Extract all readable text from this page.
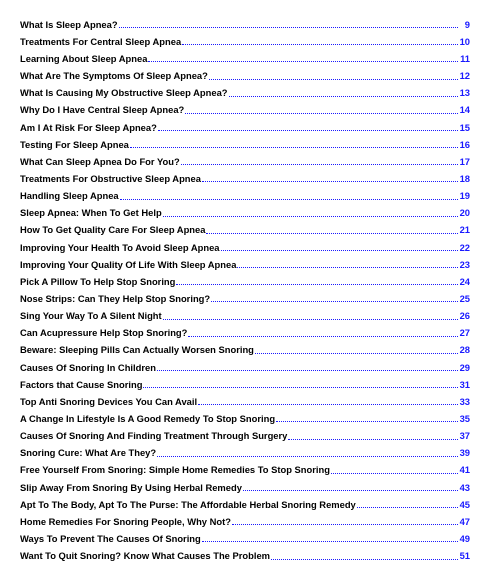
What Is Sleep Apnea?	9
Treatments For Central Sleep Apnea	10
Learning About Sleep Apnea	11
What Are The Symptoms Of Sleep Apnea?	12
What Is Causing My Obstructive Sleep Apnea?	13
Why Do I Have Central Sleep Apnea?	14
Am I At Risk For Sleep Apnea?	15
Testing For Sleep Apnea	16
What Can Sleep Apnea Do For You?	17
Treatments For Obstructive Sleep Apnea	18
Handling Sleep Apnea	19
Sleep Apnea: When To Get Help	20
How To Get Quality Care For Sleep Apnea	21
Improving Your Health To Avoid Sleep Apnea	22
Improving Your Quality Of Life With Sleep Apnea	23
Pick A Pillow To Help Stop Snoring	24
Nose Strips: Can They Help Stop Snoring?	25
Sing Your Way To A Silent Night	26
Can Acupressure Help Stop Snoring?	27
Beware: Sleeping Pills Can Actually Worsen Snoring	28
Causes Of Snoring In Children	29
Factors that Cause Snoring	31
Top Anti Snoring Devices You Can Avail	33
A Change In Lifestyle Is A Good Remedy To Stop Snoring	35
Causes Of Snoring And Finding Treatment Through Surgery	37
Snoring Cure: What Are They?	39
Free Yourself From Snoring: Simple Home Remedies To Stop Snoring	41
Slip Away From Snoring By Using Herbal Remedy	43
Apt To The Body, Apt To The Purse: The Affordable Herbal Snoring Remedy	45
Home Remedies For Snoring People, Why Not?	47
Ways To Prevent The Causes Of Snoring	49
Want To Quit Snoring? Know What Causes The Problem	51
